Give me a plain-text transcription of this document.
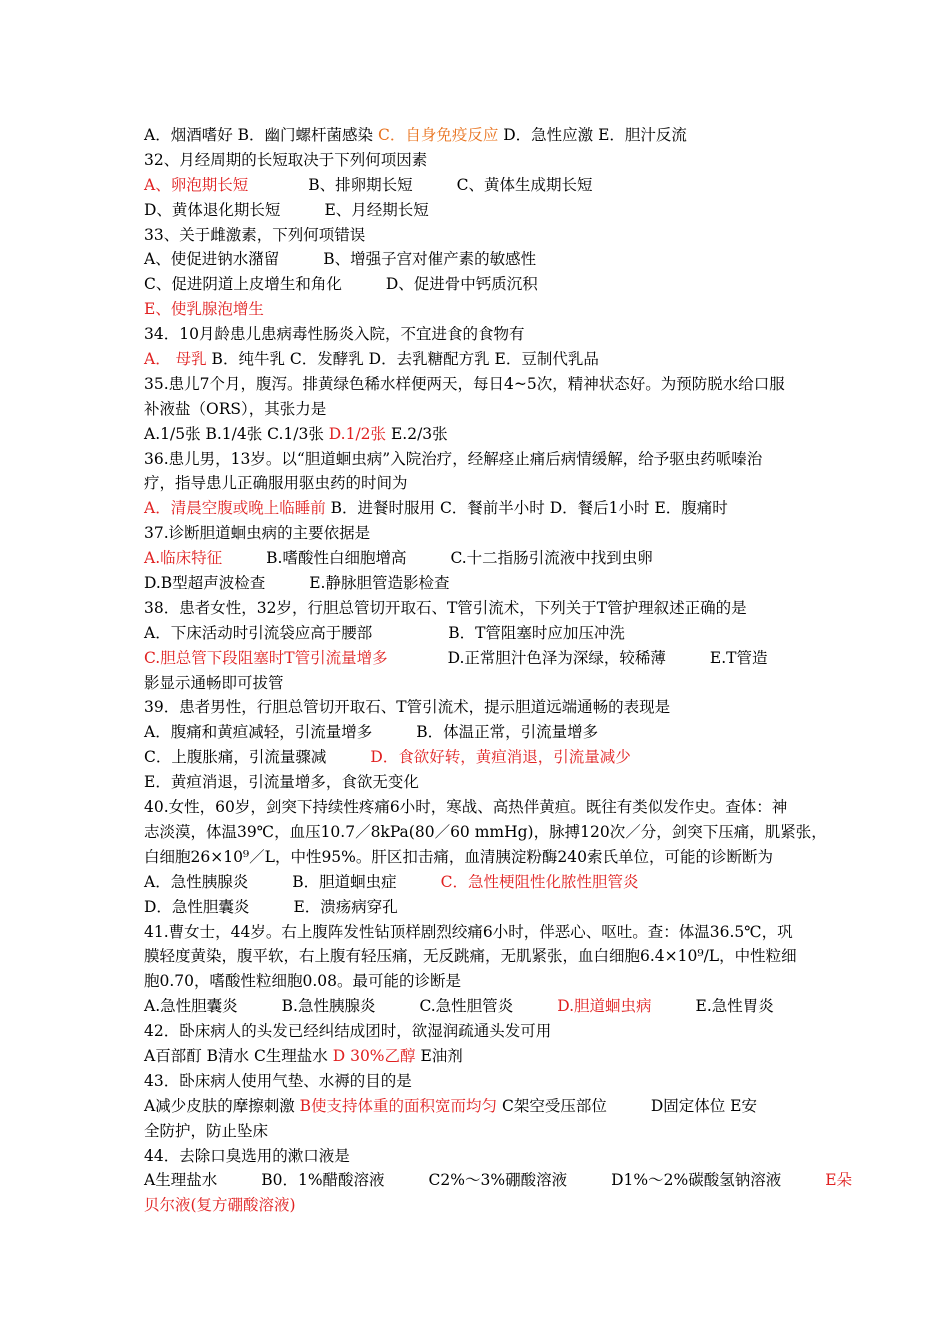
A．烟酒嗜好 B．幽门螺杆菌感染 C．自身免疫反应 D．急性应激 E．胆汁反流
32、月经周期的长短取决于下列何项因素
A、卵泡期长短	B、排卵期长短	C、黄体生成期长短
D、黄体退化期长短	E、月经期长短
33、关于雌激素，下列何项错误
A、使促进钠水潴留	B、增强子宫对催产素的敏感性
C、促进阴道上皮增生和角化	D、促进骨中钙质沉积
E、使乳腺泡增生
34．10月龄患儿患病毒性肠炎入院，不宜进食的食物有
A． 母乳 B．纯牛乳 C．发酵乳 D．去乳糖配方乳 E．豆制代乳品
35.患儿7个月，腹泻。排黄绿色稀水样便两天，每日4~5次，精神状态好。为预防脱水给口服
补液盐（ORS），其张力是
A.1/5张 B.1/4张 C.1/3张 D.1/2张 E.2/3张
36.患儿男，13岁。以“胆道蛔虫病”入院治疗，经解痉止痛后病情缓解，给予驱虫药哌嗪治
疗，指导患儿正确服用驱虫药的时间为
A．清晨空腹或晚上临睡前 B．进餐时服用 C．餐前半小时 D．餐后1小时 E．腹痛时
37.诊断胆道蛔虫病的主要依据是
A.临床特征	B.嗜酸性白细胞增高	C.十二指肠引流液中找到虫卵
D.B型超声波检查	E.静脉胆管造影检查
38．患者女性，32岁，行胆总管切开取石、T管引流术，下列关于T管护理叙述正确的是
A．下床活动时引流袋应高于腰部	B．T管阻塞时应加压冲洗
C.胆总管下段阻塞时T管引流量增多	D.正常胆汁色泽为深绿，较稀薄	E.T管造
影显示通畅即可拔管
39．患者男性，行胆总管切开取石、T管引流术，提示胆道远端通畅的表现是
A．腹痛和黄疸减轻，引流量增多	B．体温正常，引流量增多
C．上腹胀痛，引流量骤减	D．食欲好转，黄疸消退，引流量减少
E．黄疸消退，引流量增多，食欲无变化
40.女性，60岁，剑突下持续性疼痛6小时，寒战、高热伴黄疸。既往有类似发作史。查体：神
志淡漠，体温39℃，血压10.7／8kPa(80／60 mmHg)，脉搏120次／分，剑突下压痛，肌紧张，
白细胞26×10⁹／L，中性95%。肝区扣击痛，血清胰淀粉酶240索氏单位，可能的诊断断为
A．急性胰腺炎	B．胆道蛔虫症	C．急性梗阻性化脓性胆管炎
D．急性胆囊炎	E．溃疡病穿孔
41.曹女士，44岁。右上腹阵发性钻顶样剧烈绞痛6小时，伴恶心、呕吐。查：体温36.5℃，巩
膜轻度黄染，腹平软，右上腹有轻压痛，无反跳痛，无肌紧张，血白细胞6.4×10⁹/L，中性粒细
胞0.70，嗜酸性粒细胞0.08。最可能的诊断是
A.急性胆囊炎	B.急性胰腺炎	C.急性胆管炎	D.胆道蛔虫病	E.急性胃炎
42．卧床病人的头发已经纠结成团时，欲湿润疏通头发可用
A百部酊 B清水 C生理盐水 D 30%乙醇 E油剂
43．卧床病人使用气垫、水褥的目的是
A减少皮肤的摩擦刺激 B使支持体重的面积宽而均匀 C架空受压部位	D固定体位 E安
全防护，防止坠床
44．去除口臭选用的漱口液是
A生理盐水	B0．1%醋酸溶液	C2%～3%硼酸溶液	D1%～2%碳酸氢钠溶液	E朵
贝尔液(复方硼酸溶液)
